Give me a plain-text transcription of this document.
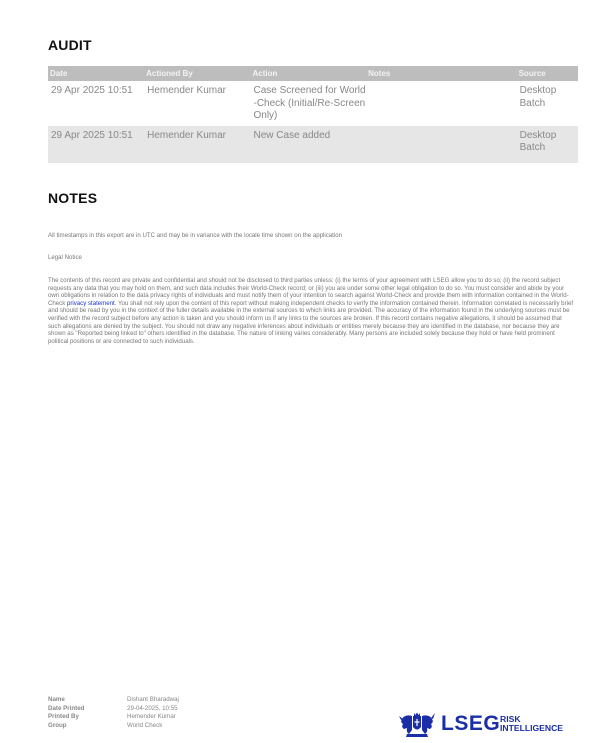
AUDIT
Date	Actioned By	Action	Notes	Source
29 Apr 2025 10:51	Hemender Kumar	Case Screened for World-Check (Initial/Re-Screen Only)		Desktop Batch
29 Apr 2025 10:51	Hemender Kumar	New Case added		Desktop Batch
NOTES
All timestamps in this export are in UTC and may be in variance with the locale time shown on the application
Legal Notice
The contents of this record are private and confidential and should not be disclosed to third parties unless: (i) the terms of your agreement with LSEG allow you to do so; (ii) the record subject requests any data that you may hold on them, and such data includes their World-Check record; or (iii) you are under some other legal obligation to do so. You must consider and abide by your own obligations in relation to the data privacy rights of individuals and must notify them of your intention to search against World-Check and provide them with information contained in the World-Check privacy statement. You shall not rely upon the content of this report without making independent checks to verify the information contained therein. Information correlated is necessarily brief and should be read by you in the context of the fuller details available in the external sources to which links are provided. The accuracy of the information found in the underlying sources must be verified with the record subject before any action is taken and you should inform us if any links to the sources are broken. If this record contains negative allegations, it should be assumed that such allegations are denied by the subject. You should not draw any negative inferences about individuals or entities merely because they are identified in the database, nor because they are shown as "Reported being linked to" others identified in the database. The nature of linking varies considerably. Many persons are included solely because they hold or have held prominent political positions or are connected to such individuals.
Name	Dishant Bharadwaj
Date Printed	29-04-2025, 10:55
Printed By	Hemender Kumar
Group	World Check	LSEG RISK
INTELLIGENCE
